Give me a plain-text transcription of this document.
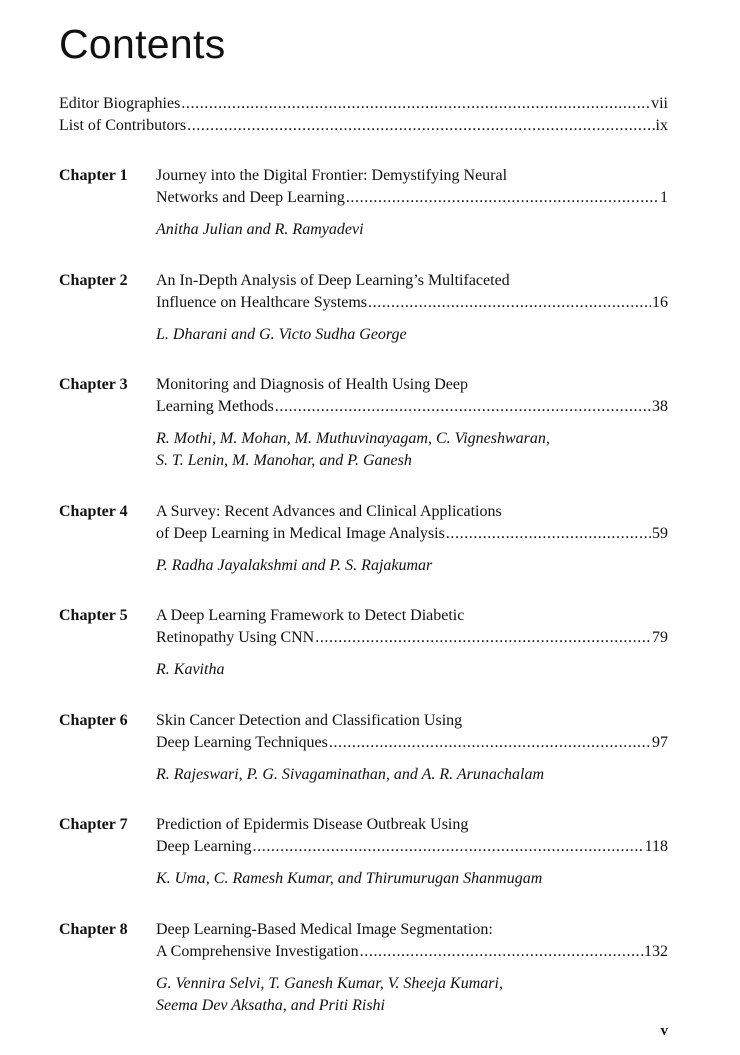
Contents
Editor Biographies .....	vii
List of Contributors .....	ix
Chapter 1	Journey into the Digital Frontier: Demystifying Neural
Networks and Deep Learning .....	1
Anitha Julian and R. Ramyadevi
Chapter 2	An In-Depth Analysis of Deep Learning’s Multifaceted
Influence on Healthcare Systems .....	16
L. Dharani and G. Victo Sudha George
Chapter 3	Monitoring and Diagnosis of Health Using Deep
Learning Methods .....	38
R. Mothi, M. Mohan, M. Muthuvinayagam, C. Vigneshwaran,
S. T. Lenin, M. Manohar, and P. Ganesh
Chapter 4	A Survey: Recent Advances and Clinical Applications
of Deep Learning in Medical Image Analysis .....	59
P. Radha Jayalakshmi and P. S. Rajakumar
Chapter 5	A Deep Learning Framework to Detect Diabetic
Retinopathy Using CNN .....	79
R. Kavitha
Chapter 6	Skin Cancer Detection and Classification Using
Deep Learning Techniques .....	97
R. Rajeswari, P. G. Sivagaminathan, and A. R. Arunachalam
Chapter 7	Prediction of Epidermis Disease Outbreak Using
Deep Learning .....	118
K. Uma, C. Ramesh Kumar, and Thirumurugan Shanmugam
Chapter 8	Deep Learning-Based Medical Image Segmentation:
A Comprehensive Investigation .....	132
G. Vennira Selvi, T. Ganesh Kumar, V. Sheeja Kumari,
Seema Dev Aksatha, and Priti Rishi
v
